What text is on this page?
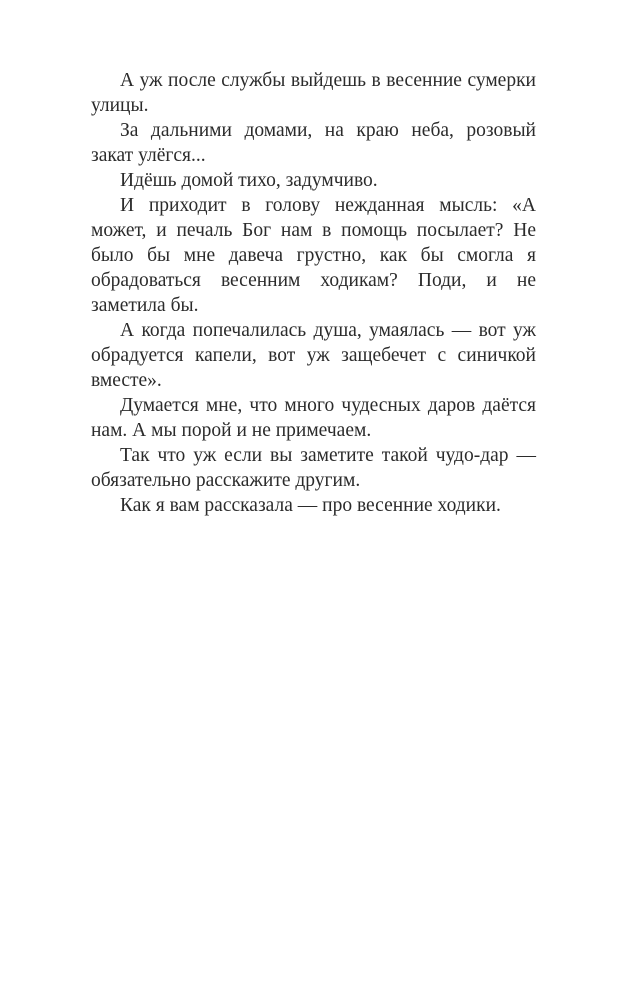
А уж после службы выйдешь в весенние сумерки улицы.

За дальними домами, на краю неба, розовый закат улёгся...

Идёшь домой тихо, задумчиво.

И приходит в голову нежданная мысль: «А может, и печаль Бог нам в помощь посылает? Не было бы мне давеча грустно, как бы смогла я обрадоваться весенним ходикам? Поди, и не заметила бы.

А когда попечалилась душа, умаялась — вот уж обрадуется капели, вот уж защебечет с синичкой вместе».

Думается мне, что много чудесных даров даётся нам. А мы порой и не примечаем.

Так что уж если вы заметите такой чудо-дар — обязательно расскажите другим.

Как я вам рассказала — про весенние ходики.
